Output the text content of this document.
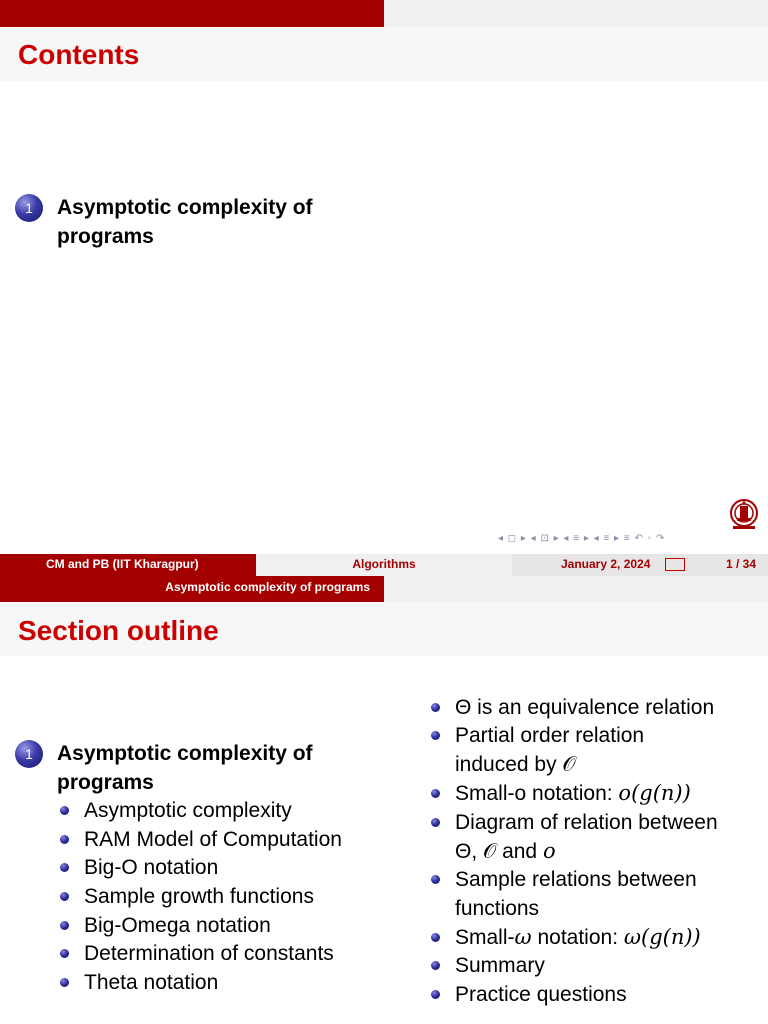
Contents
1	Asymptotic complexity of programs
◂ ◻ ▸ ◂ ⊡ ▸ ◂ ≡ ▸ ◂ ≡ ▸ ≡ ↶ ◦ ↷
CM and PB (IIT Kharagpur)	Algorithms	January 2, 2024	1 / 34
Asymptotic complexity of programs
Section outline
1	Asymptotic complexity of programs
Asymptotic complexity
RAM Model of Computation
Big-O notation
Sample growth functions
Big-Omega notation
Determination of constants
Theta notation
Θ is an equivalence relation
Partial order relation
induced by 𝒪
Small-o notation: o(g(n))
Diagram of relation between
Θ, 𝒪 and o
Sample relations between
functions
Small-ω notation: ω(g(n))
Summary
Practice questions
